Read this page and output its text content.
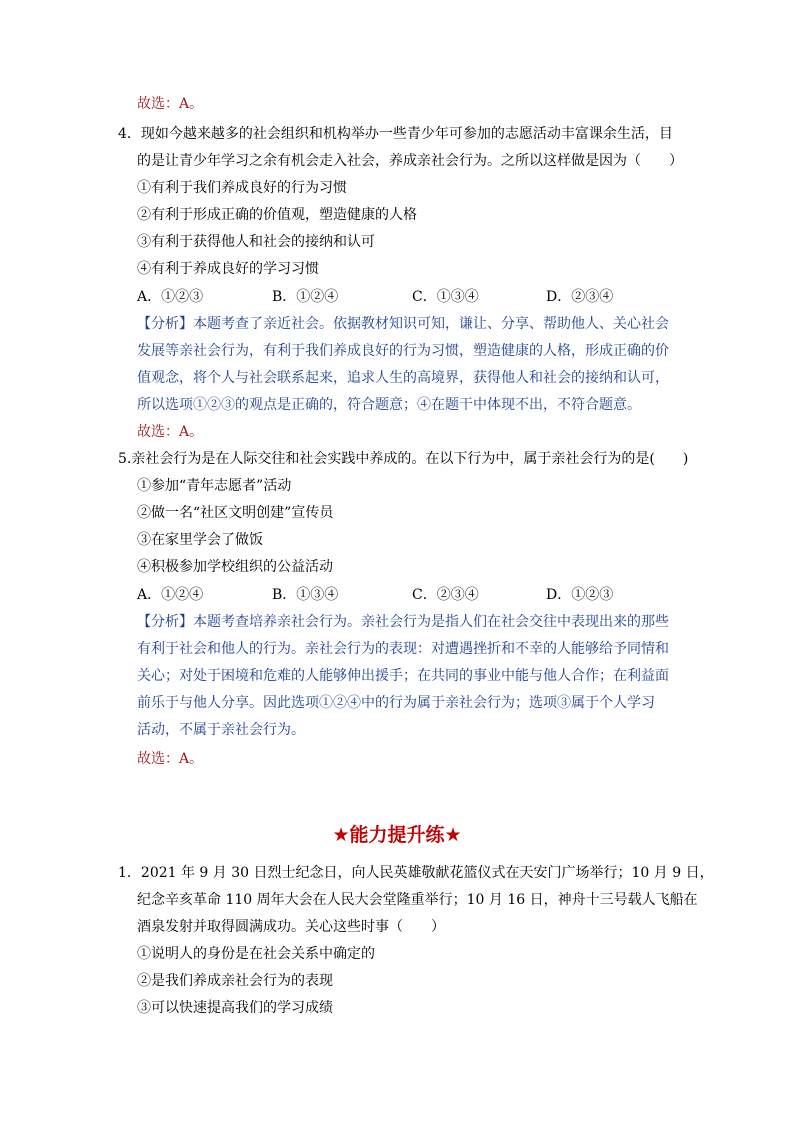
故选：A。
4．现如今越来越多的社会组织和机构举办一些青少年可参加的志愿活动丰富课余生活，目
的是让青少年学习之余有机会走入社会，养成亲社会行为。之所以这样做是因为（　　）
①有利于我们养成良好的行为习惯
②有利于形成正确的价值观，塑造健康的人格
③有利于获得他人和社会的接纳和认可
④有利于养成良好的学习习惯
A．①②③	B．①②④	C．①③④	D．②③④
【分析】本题考查了亲近社会。依据教材知识可知，谦让、分享、帮助他人、关心社会
发展等亲社会行为，有利于我们养成良好的行为习惯，塑造健康的人格，形成正确的价
值观念，将个人与社会联系起来，追求人生的高境界，获得他人和社会的接纳和认可，
所以选项①②③的观点是正确的，符合题意；④在题干中体现不出，不符合题意。
故选：A。
5.亲社会行为是在人际交往和社会实践中养成的。在以下行为中，属于亲社会行为的是(　　)
①参加“青年志愿者”活动
②做一名“社区文明创建”宣传员
③在家里学会了做饭
④积极参加学校组织的公益活动
A．①②④	B．①③④	C．②③④	D．①②③
【分析】本题考查培养亲社会行为。亲社会行为是指人们在社会交往中表现出来的那些
有利于社会和他人的行为。亲社会行为的表现：对遭遇挫折和不幸的人能够给予同情和
关心；对处于困境和危难的人能够伸出援手；在共同的事业中能与他人合作；在利益面
前乐于与他人分享。因此选项①②④中的行为属于亲社会行为；选项③属于个人学习
活动，不属于亲社会行为。
故选：A。
★能力提升练★
1．2021 年 9 月 30 日烈士纪念日，向人民英雄敬献花篮仪式在天安门广场举行；10 月 9 日，
纪念辛亥革命 110 周年大会在人民大会堂隆重举行；10 月 16 日，神舟十三号载人飞船在
酒泉发射并取得圆满成功。关心这些时事（　　）
①说明人的身份是在社会关系中确定的
②是我们养成亲社会行为的表现
③可以快速提高我们的学习成绩
